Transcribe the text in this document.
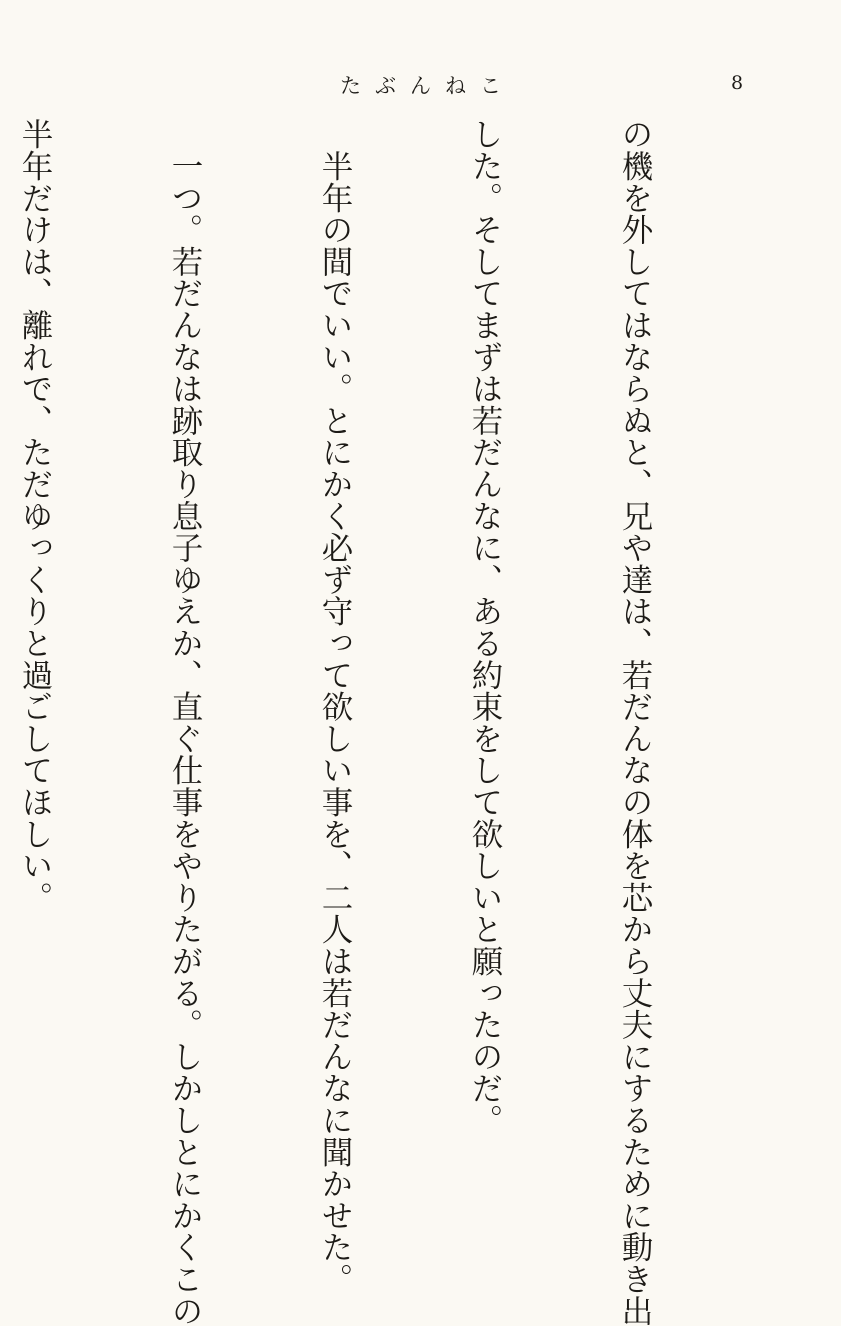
たぶんねこ	8

の機を外してはならぬと、兄や達は、若だんなの体を芯から丈夫にするために動き出

した。そしてまずは若だんなに、ある約束をして欲しいと願ったのだ。

　半年の間でいい。とにかく必ず守って欲しい事を、二人は若だんなに聞かせた。

　一つ。若だんなは跡取り息子ゆえか、直ぐ仕事をやりたがる。しかしとにかくこの

半年だけは、離れで、ただゆっくりと過ごしてほしい。
